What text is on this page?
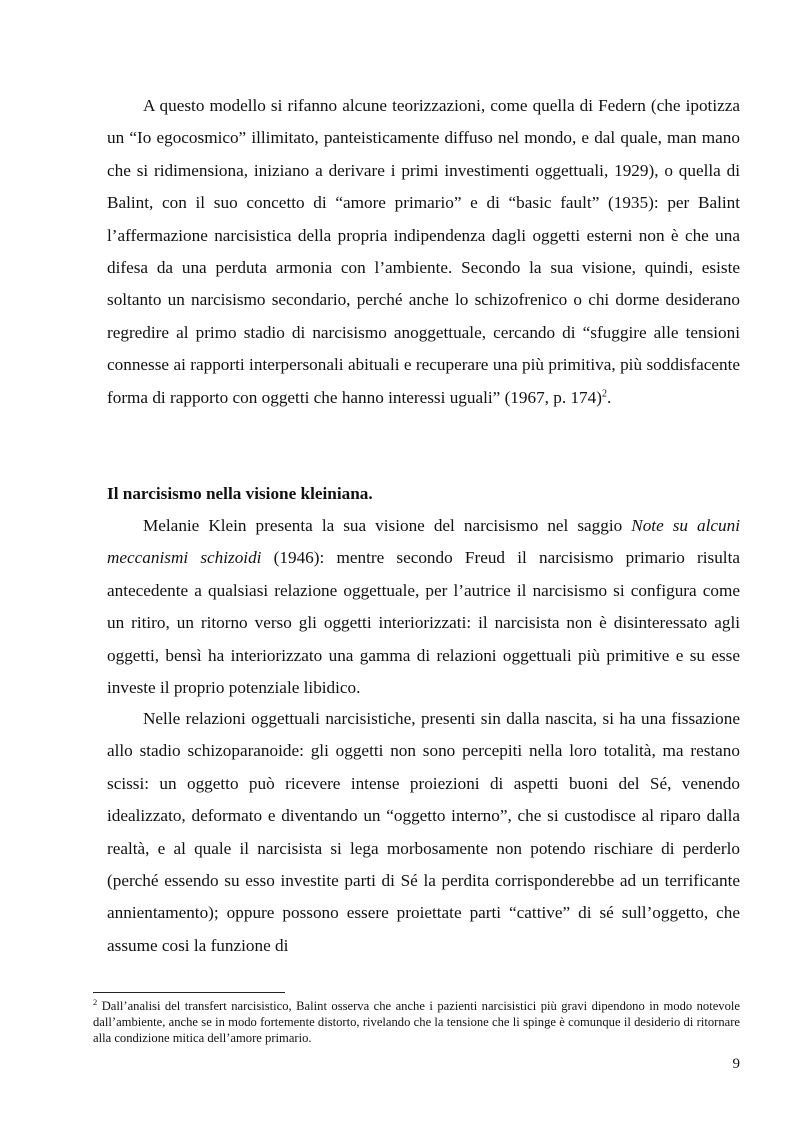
A questo modello si rifanno alcune teorizzazioni, come quella di Federn (che ipotizza un “Io egocosmico” illimitato, panteisticamente diffuso nel mondo, e dal quale, man mano che si ridimensiona, iniziano a derivare i primi investimenti oggettuali, 1929), o quella di Balint, con il suo concetto di “amore primario” e di “basic fault” (1935): per Balint l’affermazione narcisistica della propria indipendenza dagli oggetti esterni non è che una difesa da una perduta armonia con l’ambiente. Secondo la sua visione, quindi, esiste soltanto un narcisismo secondario, perché anche lo schizofrenico o chi dorme desiderano regredire al primo stadio di narcisismo anoggettuale, cercando di “sfuggire alle tensioni connesse ai rapporti interpersonali abituali e recuperare una più primitiva, più soddisfacente forma di rapporto con oggetti che hanno interessi uguali” (1967, p. 174)$^2$.

Il narcisismo nella visione kleiniana.

Melanie Klein presenta la sua visione del narcisismo nel saggio Note su alcuni meccanismi schizoidi (1946): mentre secondo Freud il narcisismo primario risulta antecedente a qualsiasi relazione oggettuale, per l’autrice il narcisismo si configura come un ritiro, un ritorno verso gli oggetti interiorizzati: il narcisista non è disinteressato agli oggetti, bensì ha interiorizzato una gamma di relazioni oggettuali più primitive e su esse investe il proprio potenziale libidico.

Nelle relazioni oggettuali narcisistiche, presenti sin dalla nascita, si ha una fissazione allo stadio schizoparanoide: gli oggetti non sono percepiti nella loro totalità, ma restano scissi: un oggetto può ricevere intense proiezioni di aspetti buoni del Sé, venendo idealizzato, deformato e diventando un “oggetto interno”, che si custodisce al riparo dalla realtà, e al quale il narcisista si lega morbosamente non potendo rischiare di perderlo (perché essendo su esso investite parti di Sé la perdita corrisponderebbe ad un terrificante annientamento); oppure possono essere proiettate parti “cattive” di sé sull’oggetto, che assume cosi la funzione di

$^2$ Dall’analisi del transfert narcisistico, Balint osserva che anche i pazienti narcisistici più gravi dipendono in modo notevole dall’ambiente, anche se in modo fortemente distorto, rivelando che la tensione che li spinge è comunque il desiderio di ritornare alla condizione mitica dell’amore primario.

9
